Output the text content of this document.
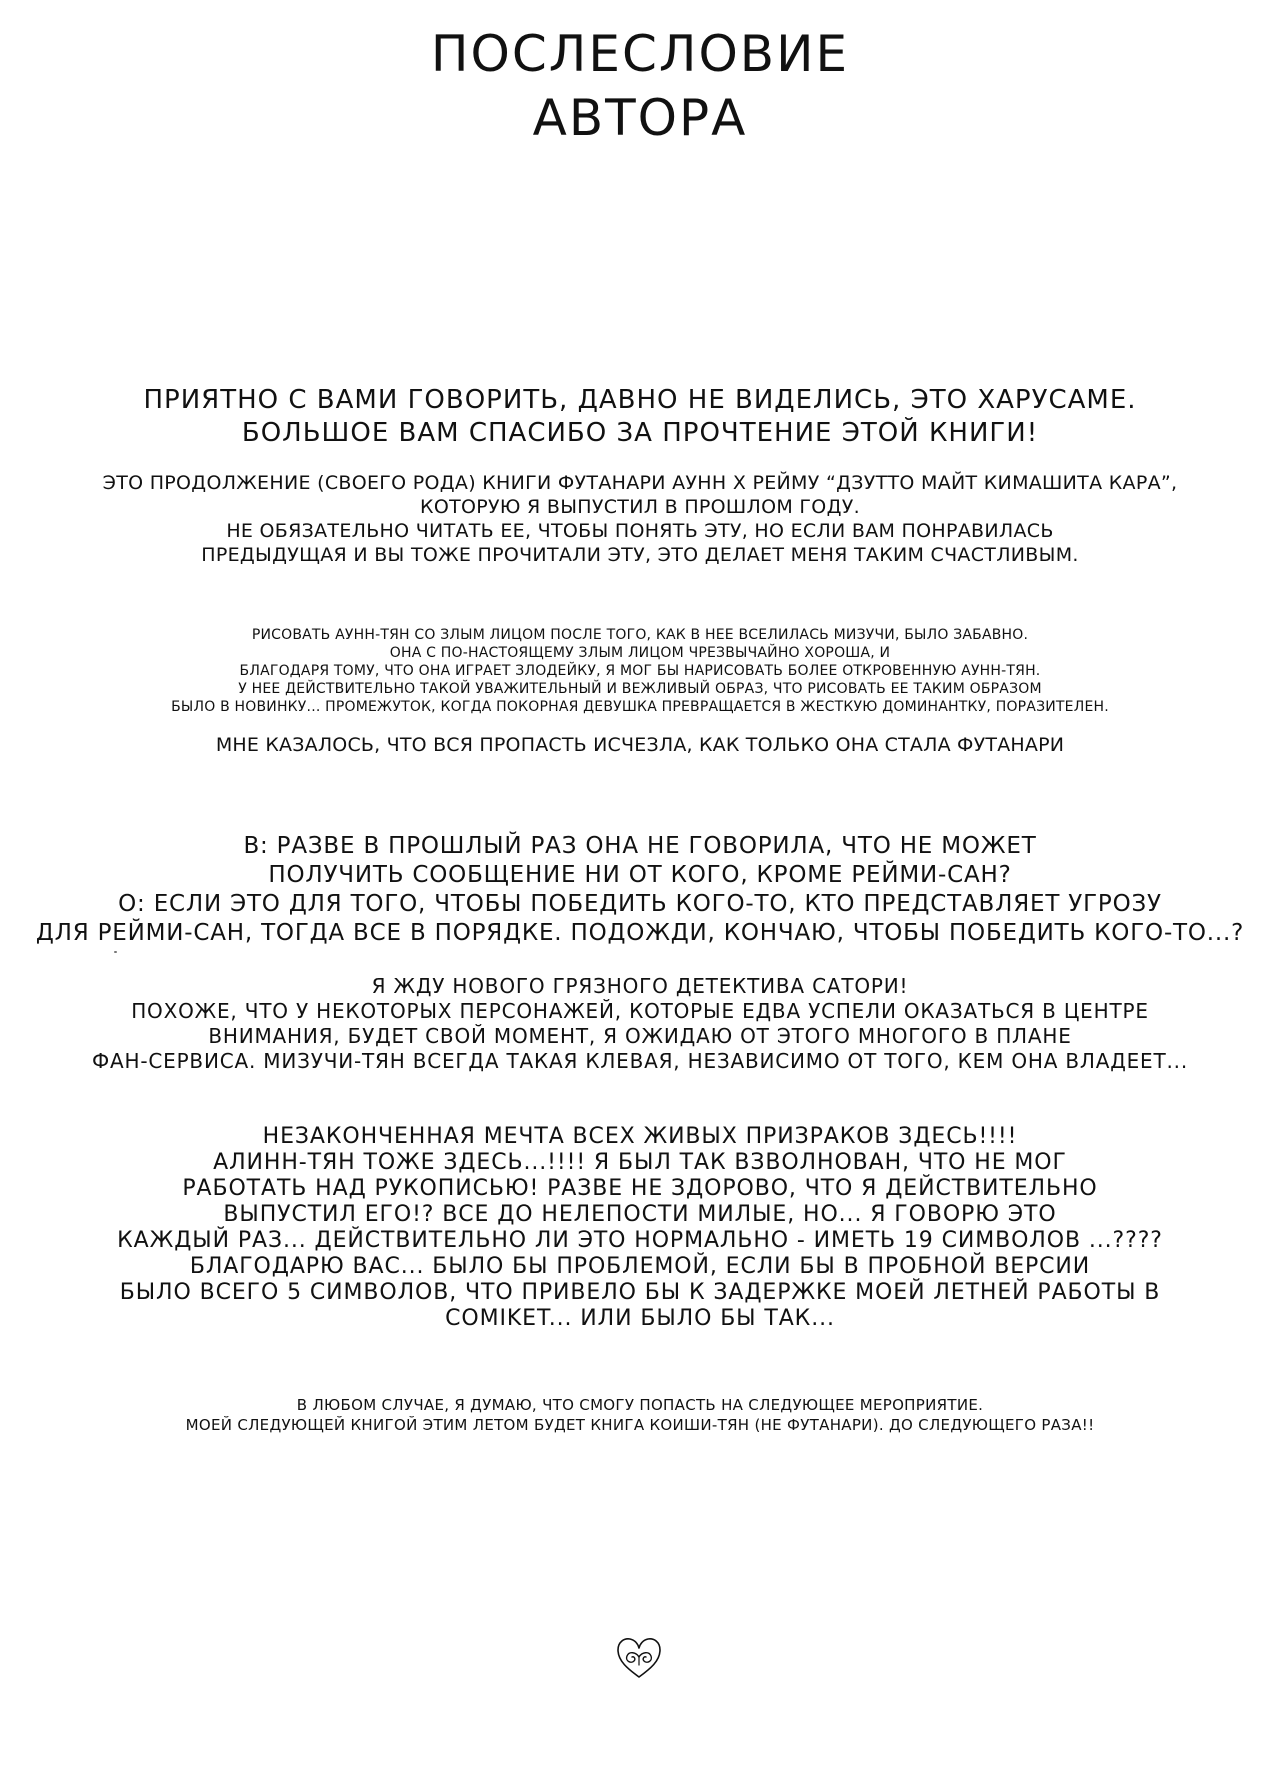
ПОСЛЕСЛОВИЕ
АВТОРА
ПРИЯТНО С ВАМИ ГОВОРИТЬ, ДАВНО НЕ ВИДЕЛИСЬ, ЭТО ХАРУСАМЕ.
БОЛЬШОЕ ВАМ СПАСИБО ЗА ПРОЧТЕНИЕ ЭТОЙ КНИГИ!
ЭТО ПРОДОЛЖЕНИЕ (СВОЕГО РОДА) КНИГИ ФУТАНАРИ АУНН Х РЕЙМУ “ДЗУТТО МАЙТ КИМАШИТА КАРА”,
КОТОРУЮ Я ВЫПУСТИЛ В ПРОШЛОМ ГОДУ.
НЕ ОБЯЗАТЕЛЬНО ЧИТАТЬ ЕЕ, ЧТОБЫ ПОНЯТЬ ЭТУ, НО ЕСЛИ ВАМ ПОНРАВИЛАСЬ
ПРЕДЫДУЩАЯ И ВЫ ТОЖЕ ПРОЧИТАЛИ ЭТУ, ЭТО ДЕЛАЕТ МЕНЯ ТАКИМ СЧАСТЛИВЫМ.
РИСОВАТЬ АУНН-ТЯН СО ЗЛЫМ ЛИЦОМ ПОСЛЕ ТОГО, КАК В НЕЕ ВСЕЛИЛАСЬ МИЗУЧИ, БЫЛО ЗАБАВНО.
ОНА С ПО-НАСТОЯЩЕМУ ЗЛЫМ ЛИЦОМ ЧРЕЗВЫЧАЙНО ХОРОША, И
БЛАГОДАРЯ ТОМУ, ЧТО ОНА ИГРАЕТ ЗЛОДЕЙКУ, Я МОГ БЫ НАРИСОВАТЬ БОЛЕЕ ОТКРОВЕННУЮ АУНН-ТЯН.
У НЕЕ ДЕЙСТВИТЕЛЬНО ТАКОЙ УВАЖИТЕЛЬНЫЙ И ВЕЖЛИВЫЙ ОБРАЗ, ЧТО РИСОВАТЬ ЕЕ ТАКИМ ОБРАЗОМ
БЫЛО В НОВИНКУ... ПРОМЕЖУТОК, КОГДА ПОКОРНАЯ ДЕВУШКА ПРЕВРАЩАЕТСЯ В ЖЕСТКУЮ ДОМИНАНТКУ, ПОРАЗИТЕЛЕН.
МНЕ КАЗАЛОСЬ, ЧТО ВСЯ ПРОПАСТЬ ИСЧЕЗЛА, КАК ТОЛЬКО ОНА СТАЛА ФУТАНАРИ
В: РАЗВЕ В ПРОШЛЫЙ РАЗ ОНА НЕ ГОВОРИЛА, ЧТО НЕ МОЖЕТ
ПОЛУЧИТЬ СООБЩЕНИЕ НИ ОТ КОГО, КРОМЕ РЕЙМИ-САН?
О: ЕСЛИ ЭТО ДЛЯ ТОГО, ЧТОБЫ ПОБЕДИТЬ КОГО-ТО, КТО ПРЕДСТАВЛЯЕТ УГРОЗУ
ДЛЯ РЕЙМИ-САН, ТОГДА ВСЕ В ПОРЯДКЕ. ПОДОЖДИ, КОНЧАЮ, ЧТОБЫ ПОБЕДИТЬ КОГО-ТО...?
Я ЖДУ НОВОГО ГРЯЗНОГО ДЕТЕКТИВА САТОРИ!
ПОХОЖЕ, ЧТО У НЕКОТОРЫХ ПЕРСОНАЖЕЙ, КОТОРЫЕ ЕДВА УСПЕЛИ ОКАЗАТЬСЯ В ЦЕНТРЕ
ВНИМАНИЯ, БУДЕТ СВОЙ МОМЕНТ, Я ОЖИДАЮ ОТ ЭТОГО МНОГОГО В ПЛАНЕ
ФАН-СЕРВИСА. МИЗУЧИ-ТЯН ВСЕГДА ТАКАЯ КЛЕВАЯ, НЕЗАВИСИМО ОТ ТОГО, КЕМ ОНА ВЛАДЕЕТ...
НЕЗАКОНЧЕННАЯ МЕЧТА ВСЕХ ЖИВЫХ ПРИЗРАКОВ ЗДЕСЬ!!!!
АЛИНН-ТЯН ТОЖЕ ЗДЕСЬ...!!!! Я БЫЛ ТАК ВЗВОЛНОВАН, ЧТО НЕ МОГ
РАБОТАТЬ НАД РУКОПИСЬЮ! РАЗВЕ НЕ ЗДОРОВО, ЧТО Я ДЕЙСТВИТЕЛЬНО
ВЫПУСТИЛ ЕГО!? ВСЕ ДО НЕЛЕПОСТИ МИЛЫЕ, НО... Я ГОВОРЮ ЭТО
КАЖДЫЙ РАЗ... ДЕЙСТВИТЕЛЬНО ЛИ ЭТО НОРМАЛЬНО - ИМЕТЬ 19 СИМВОЛОВ ...????
БЛАГОДАРЮ ВАС... БЫЛО БЫ ПРОБЛЕМОЙ, ЕСЛИ БЫ В ПРОБНОЙ ВЕРСИИ
БЫЛО ВСЕГО 5 СИМВОЛОВ, ЧТО ПРИВЕЛО БЫ К ЗАДЕРЖКЕ МОЕЙ ЛЕТНЕЙ РАБОТЫ В
COMIKET... ИЛИ БЫЛО БЫ ТАК...
В ЛЮБОМ СЛУЧАЕ, Я ДУМАЮ, ЧТО СМОГУ ПОПАСТЬ НА СЛЕДУЮЩЕЕ МЕРОПРИЯТИЕ.
МОЕЙ СЛЕДУЮЩЕЙ КНИГОЙ ЭТИМ ЛЕТОМ БУДЕТ КНИГА КОИШИ-ТЯН (НЕ ФУТАНАРИ). ДО СЛЕДУЮЩЕГО РАЗА!!
